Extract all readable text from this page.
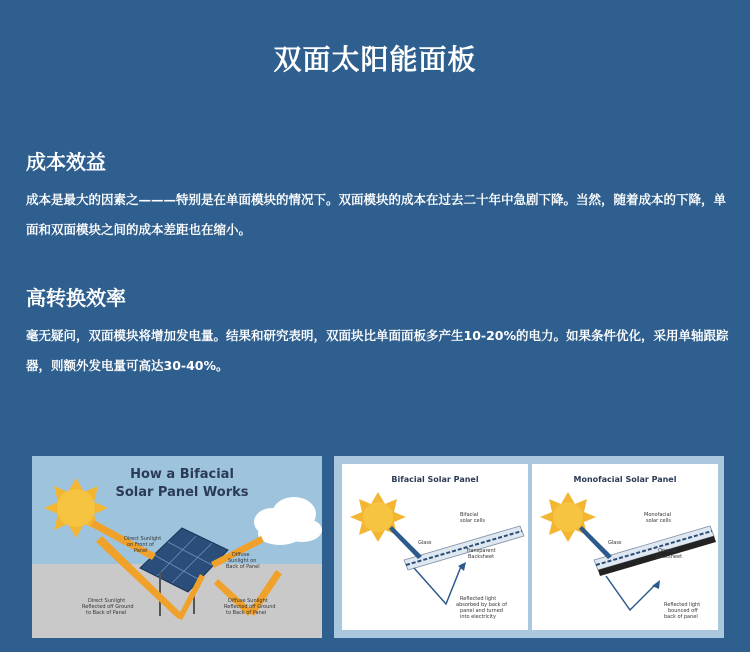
双面太阳能面板
成本效益

成本是最大的因素之———特别是在单面模块的情况下。双面模块的成本在过去二十年中急剧下降。当然，随着成本的下降，单面和双面模块之间的成本差距也在缩小。

高转换效率

毫无疑问，双面模块将增加发电量。结果和研究表明，双面块比单面面板多产生10-20%的电力。如果条件优化，采用单轴跟踪器，则额外发电量可高达30-40%。

How a Bifacial
Solar Panel Works
Direct Sunlight
on Front of
Panel
Diffuse
Sunlight on
Back of Panel
Direct Sunlight
Reflected off Ground
to Back of Panel
Diffuse Sunlight
Reflected off Ground
to Back of Panel
Bifacial Solar Panel
Bifacial
solar cells
Glass
Transparent
Backsheet
Reflected light
absorbed by back of
panel and turned
into electricity
Monofacial Solar Panel
Monofacial
solar cells
Glass
Opaque
Backsheet
Reflected light
bounced off
back of panel
